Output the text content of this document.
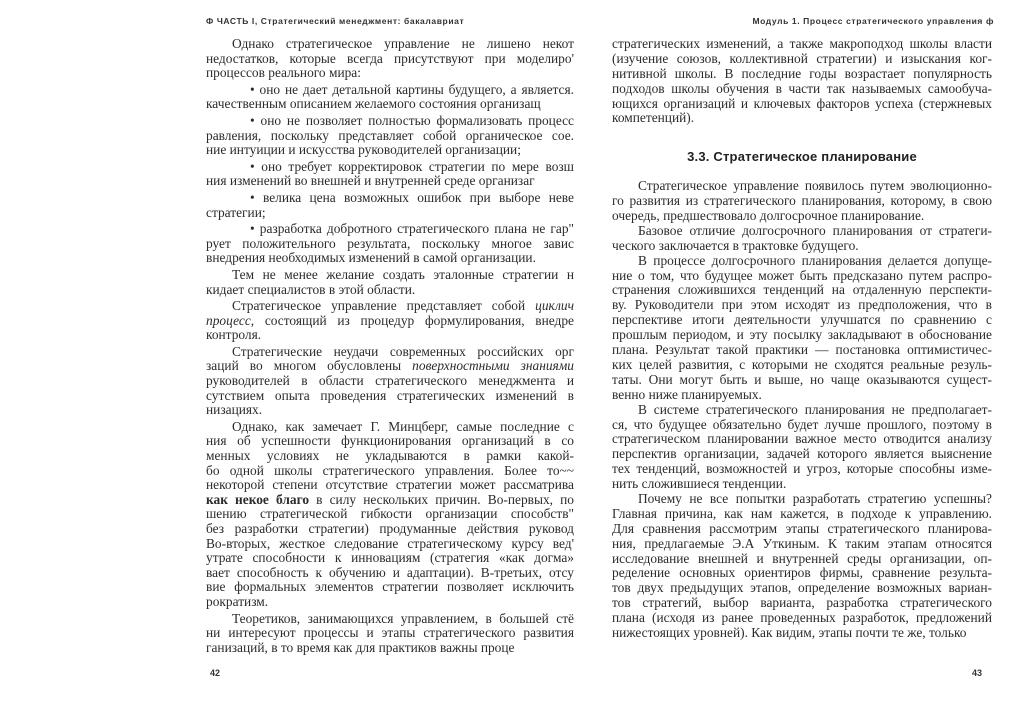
Ф ЧАСТЬ I, Стратегический менеджмент: бакалавриат
Однако стратегическое управление не лишено некот
недостатков, которые всегда присутствуют при моделиро'
процессов реального мира:
• оно не дает детальной картины будущего, а является.
качественным описанием желаемого состояния организащ
• оно не позволяет полностью формализовать процесс
равления, поскольку представляет собой органическое сое.
ние интуиции и искусства руководителей организации;
• оно требует корректировок стратегии по мере возш
ния изменений во внешней и внутренней среде организаг
• велика цена возможных ошибок при выборе неве
стратегии;
• разработка добротного стратегического плана не гар"
рует положительного результата, поскольку многое завис
внедрения необходимых изменений в самой организации.
Тем не менее желание создать эталонные стратегии н
кидает специалистов в этой области.
Стратегическое управление представляет собой циклич
процесс, состоящий из процедур формулирования, внедре
контроля.
Стратегические неудачи современных российских орг
заций во многом обусловлены поверхностными знаниями
руководителей в области стратегического менеджмента и
сутствием опыта проведения стратегических изменений в
низациях.
Однако, как замечает Г. Минцберг, самые последние с
ния об успешности функционирования организаций в со
менных условиях не укладываются в рамки какой-
бо одной школы стратегического управления. Более то~~
некоторой степени отсутствие стратегии может рассматрива
как некое благо в силу нескольких причин. Во-первых, по
шению стратегической гибкости организации способств"
без разработки стратегии) продуманные действия руковод
Во-вторых, жесткое следование стратегическому курсу вед'
утрате способности к инновациям (стратегия «как догма»
вает способность к обучению и адаптации). В-третьих, отсу
вие формальных элементов стратегии позволяет исключить
рократизм.
Теоретиков, занимающихся управлением, в большей стё
ни интересуют процессы и этапы стратегического развития
ганизаций, в то время как для практиков важны проце
42
Модуль 1. Процесс стратегического управления ф
стратегических изменений, а также макроподход школы власти
(изучение союзов, коллективной стратегии) и изыскания ког-
нитивной школы. В последние годы возрастает популярность
подходов школы обучения в части так называемых самообуча-
ющихся организаций и ключевых факторов успеха (стержневых
компетенций).
3.3. Стратегическое планирование
Стратегическое управление появилось путем эволюционно-
го развития из стратегического планирования, которому, в свою
очередь, предшествовало долгосрочное планирование.
Базовое отличие долгосрочного планирования от стратеги-
ческого заключается в трактовке будущего.
В процессе долгосрочного планирования делается допуще-
ние о том, что будущее может быть предсказано путем распро-
странения сложившихся тенденций на отдаленную перспекти-
ву. Руководители при этом исходят из предположения, что в
перспективе итоги деятельности улучшатся по сравнению с
прошлым периодом, и эту посылку закладывают в обоснование
плана. Результат такой практики — постановка оптимистичес-
ких целей развития, с которыми не сходятся реальные резуль-
таты. Они могут быть и выше, но чаще оказываются сущест-
венно ниже планируемых.
В системе стратегического планирования не предполагает-
ся, что будущее обязательно будет лучше прошлого, поэтому в
стратегическом планировании важное место отводится анализу
перспектив организации, задачей которого является выяснение
тех тенденций, возможностей и угроз, которые способны изме-
нить сложившиеся тенденции.
Почему не все попытки разработать стратегию успешны?
Главная причина, как нам кажется, в подходе к управлению.
Для сравнения рассмотрим этапы стратегического планирова-
ния, предлагаемые Э.А Уткиным. К таким этапам относятся
исследование внешней и внутренней среды организации, оп-
ределение основных ориентиров фирмы, сравнение результа-
тов двух предыдущих этапов, определение возможных вариан-
тов стратегий, выбор варианта, разработка стратегического
плана (исходя из ранее проведенных разработок, предложений
нижестоящих уровней). Как видим, этапы почти те же, только
43
